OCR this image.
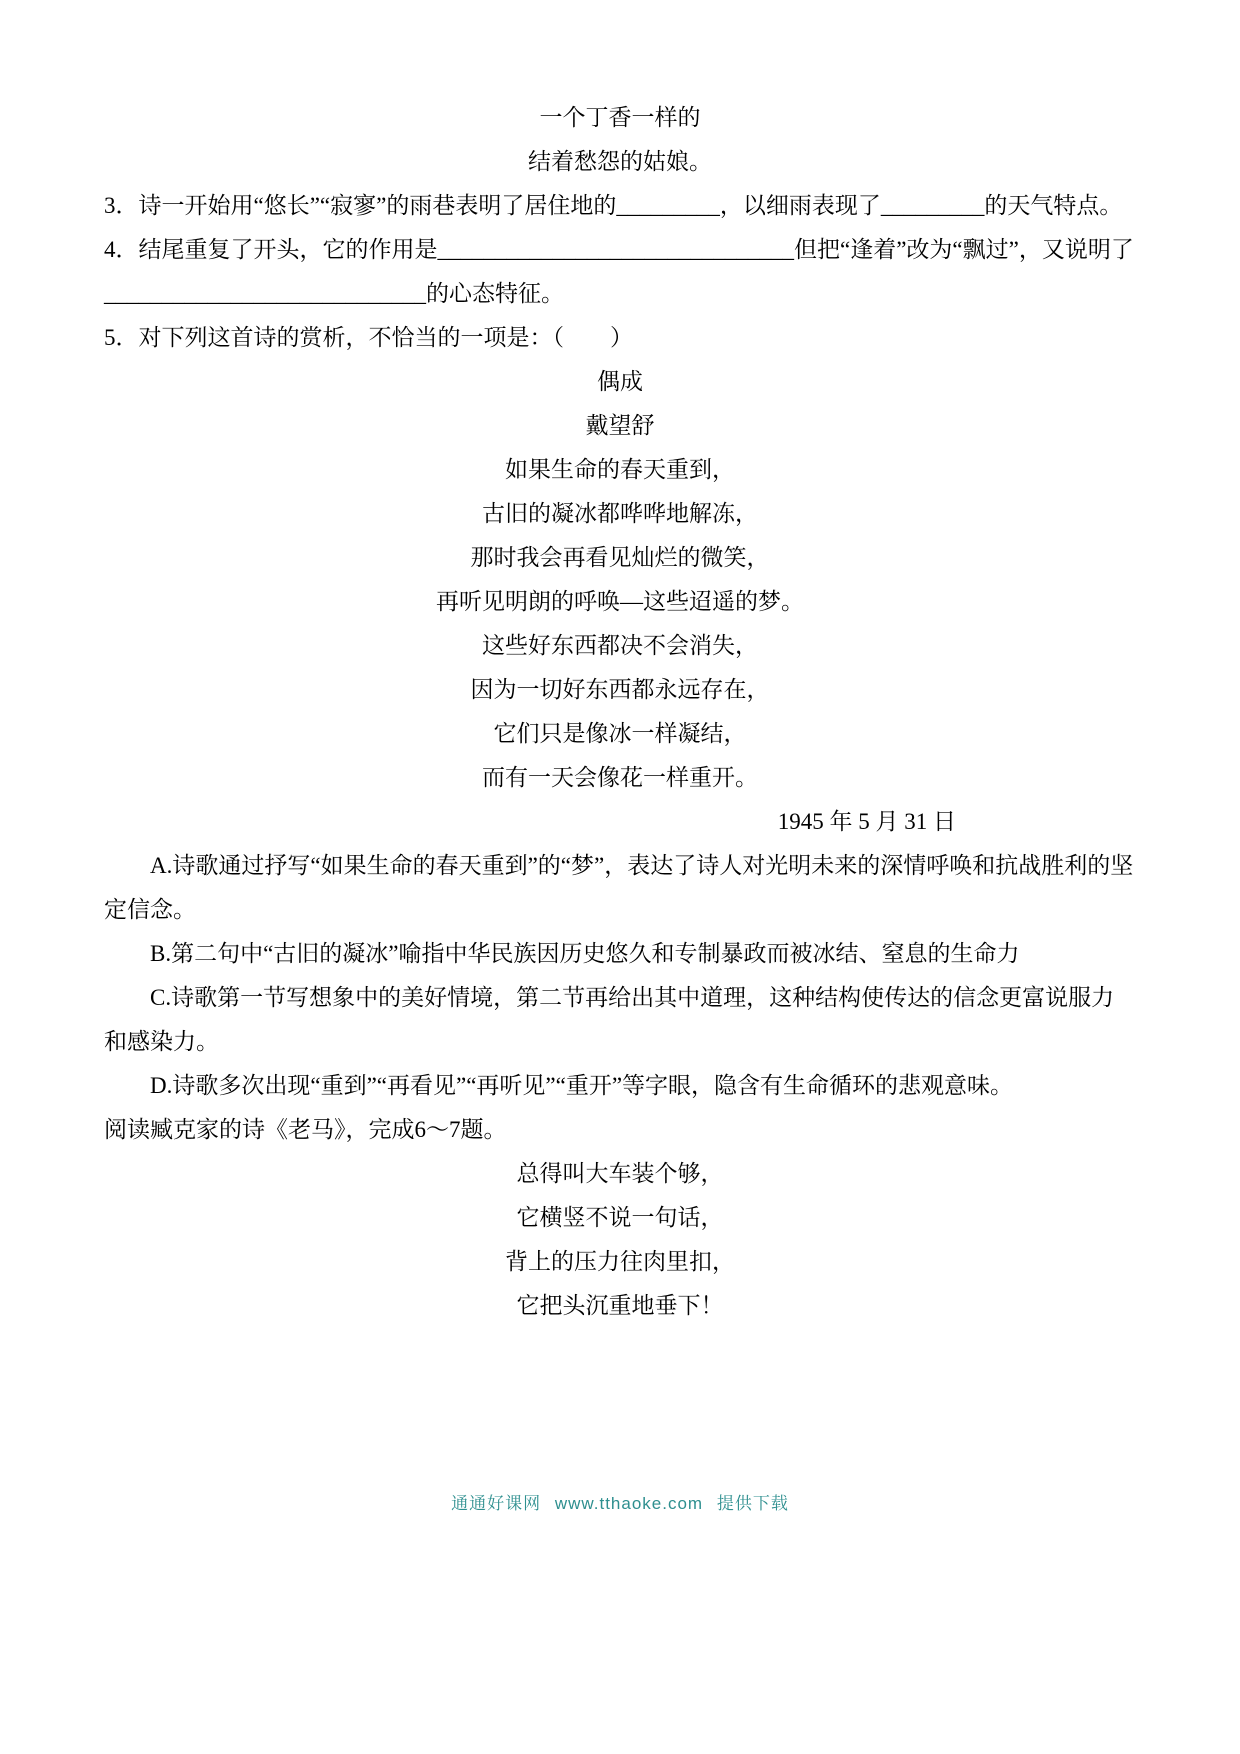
一个丁香一样的

结着愁怨的姑娘。

3．诗一开始用“悠长”“寂寥”的雨巷表明了居住地的_________，以细雨表现了_________的天气特点。

4．结尾重复了开头，它的作用是_______________________________但把“逢着”改为“飘过”，又说明了____________________________的心态特征。

5．对下列这首诗的赏析，不恰当的一项是：（　　）

偶成

戴望舒

如果生命的春天重到，

古旧的凝冰都哗哗地解冻，

那时我会再看见灿烂的微笑，

再听见明朗的呼唤—这些迢遥的梦。

这些好东西都决不会消失，

因为一切好东西都永远存在，

它们只是像冰一样凝结，

而有一天会像花一样重开。

1945 年 5 月 31 日

A.诗歌通过抒写“如果生命的春天重到”的“梦”，表达了诗人对光明未来的深情呼唤和抗战胜利的坚定信念。

B.第二句中“古旧的凝冰”喻指中华民族因历史悠久和专制暴政而被冰结、窒息的生命力

C.诗歌第一节写想象中的美好情境，第二节再给出其中道理，这种结构使传达的信念更富说服力和感染力。

D.诗歌多次出现“重到”“再看见”“再听见”“重开”等字眼，隐含有生命循环的悲观意味。

阅读臧克家的诗《老马》，完成6～7题。

总得叫大车装个够，

它横竖不说一句话，

背上的压力往肉里扣，

它把头沉重地垂下！

通通好课网 www.tthaoke.com 提供下载
